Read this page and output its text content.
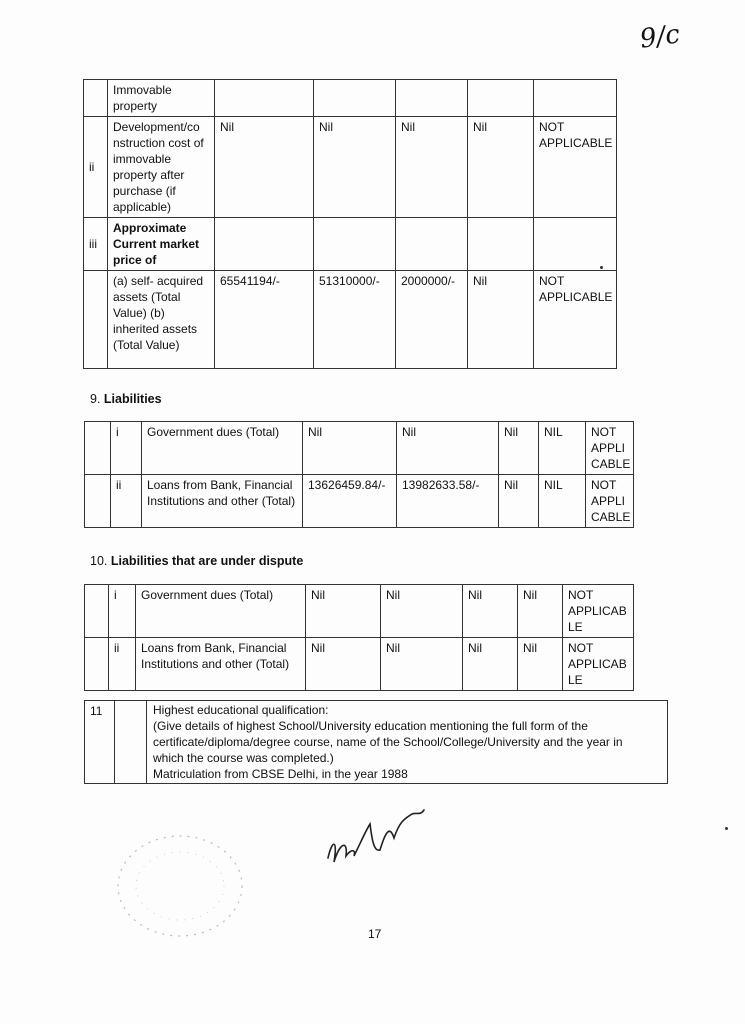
9/c
	Immovable property					
ii	Development/co nstruction cost of immovable property after purchase (if applicable)	Nil	Nil	Nil	Nil	NOT APPLICABLE
iii	Approximate Current market price of					
	(a) self- acquired assets (Total Value) (b) inherited assets (Total Value)	65541194/-	51310000/-	2000000/-	Nil	NOT APPLICABLE
9. Liabilities
	i	Government dues (Total)	Nil	Nil	Nil	NIL	NOT APPLI CABLE
	ii	Loans from Bank, Financial Institutions and other (Total)	13626459.84/-	13982633.58/-	Nil	NIL	NOT APPLI CABLE
10. Liabilities that are under dispute
	i	Government dues (Total)	Nil	Nil	Nil	Nil	NOT APPLICAB LE
	ii	Loans from Bank, Financial Institutions and other (Total)	Nil	Nil	Nil	Nil	NOT APPLICAB LE
11		Highest educational qualification:
(Give details of highest School/University education mentioning the full form of the
certificate/diploma/degree course, name of the School/College/University and the year in
which the course was completed.)
Matriculation from CBSE Delhi, in the year 1988
17
